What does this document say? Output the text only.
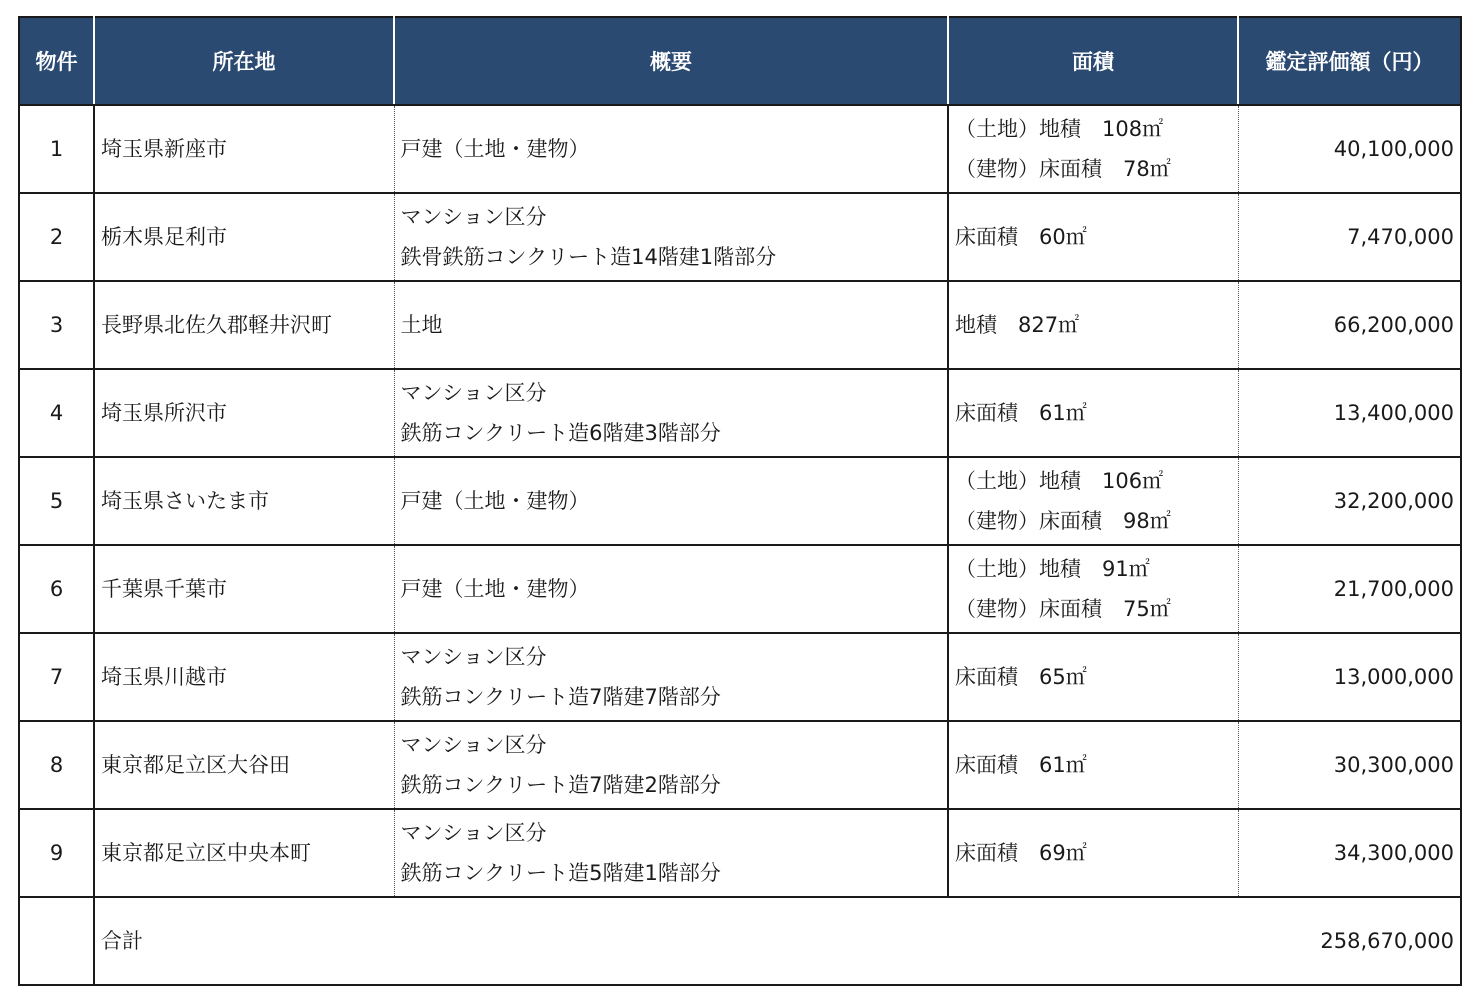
物件	所在地	概要	面積	鑑定評価額（円）
1	埼玉県新座市	戸建（土地・建物）	（土地）地積　108㎡
（建物）床面積　78㎡	40,100,000
2	栃木県足利市	マンション区分
鉄骨鉄筋コンクリート造14階建1階部分	床面積　60㎡	7,470,000
3	長野県北佐久郡軽井沢町	土地	地積　827㎡	66,200,000
4	埼玉県所沢市	マンション区分
鉄筋コンクリート造6階建3階部分	床面積　61㎡	13,400,000
5	埼玉県さいたま市	戸建（土地・建物）	（土地）地積　106㎡
（建物）床面積　98㎡	32,200,000
6	千葉県千葉市	戸建（土地・建物）	（土地）地積　91㎡
（建物）床面積　75㎡	21,700,000
7	埼玉県川越市	マンション区分
鉄筋コンクリート造7階建7階部分	床面積　65㎡	13,000,000
8	東京都足立区大谷田	マンション区分
鉄筋コンクリート造7階建2階部分	床面積　61㎡	30,300,000
9	東京都足立区中央本町	マンション区分
鉄筋コンクリート造5階建1階部分	床面積　69㎡	34,300,000
	合計			258,670,000
